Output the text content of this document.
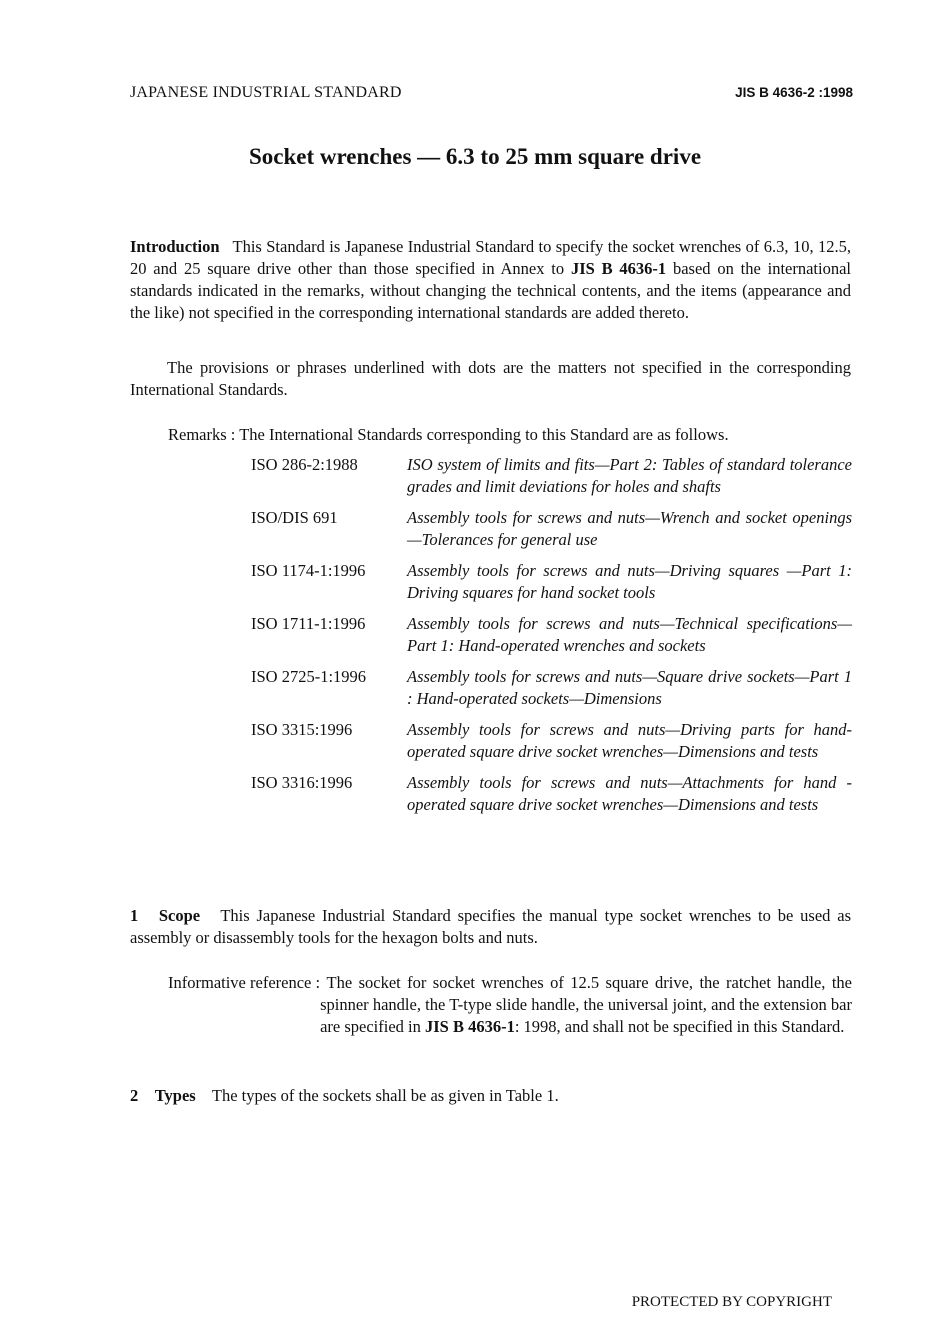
JAPANESE INDUSTRIAL STANDARD	JIS B 4636-2 :1998
Socket wrenches — 6.3 to 25 mm square drive
Introduction This Standard is Japanese Industrial Standard to specify the socket wrenches of 6.3, 10, 12.5, 20 and 25 square drive other than those specified in Annex to JIS B 4636-1 based on the international standards indicated in the remarks, without changing the technical contents, and the items (appearance and the like) not specified in the corresponding international standards are added thereto.
The provisions or phrases underlined with dots are the matters not specified in the corresponding International Standards.
Remarks : The International Standards corresponding to this Standard are as follows.
ISO 286-2:1988	ISO system of limits and fits—Part 2: Tables of standard tolerance grades and limit deviations for holes and shafts
ISO/DIS 691	Assembly tools for screws and nuts—Wrench and socket openings—Tolerances for general use
ISO 1174-1:1996	Assembly tools for screws and nuts—Driving squares —Part 1: Driving squares for hand socket tools
ISO 1711-1:1996	Assembly tools for screws and nuts—Technical specifications—Part 1: Hand-operated wrenches and sockets
ISO 2725-1:1996	Assembly tools for screws and nuts—Square drive sockets—Part 1 : Hand-operated sockets—Dimensions
ISO 3315:1996	Assembly tools for screws and nuts—Driving parts for hand-operated square drive socket wrenches—Dimensions and tests
ISO 3316:1996	Assembly tools for screws and nuts—Attachments for hand -operated square drive socket wrenches—Dimensions and tests
1 Scope This Japanese Industrial Standard specifies the manual type socket wrenches to be used as assembly or disassembly tools for the hexagon bolts and nuts.
Informative reference : The socket for socket wrenches of 12.5 square drive, the ratchet handle, the spinner handle, the T-type slide handle, the universal joint, and the extension bar are specified in JIS B 4636-1: 1998, and shall not be specified in this Standard.
2 Types The types of the sockets shall be as given in Table 1.
PROTECTED BY COPYRIGHT
